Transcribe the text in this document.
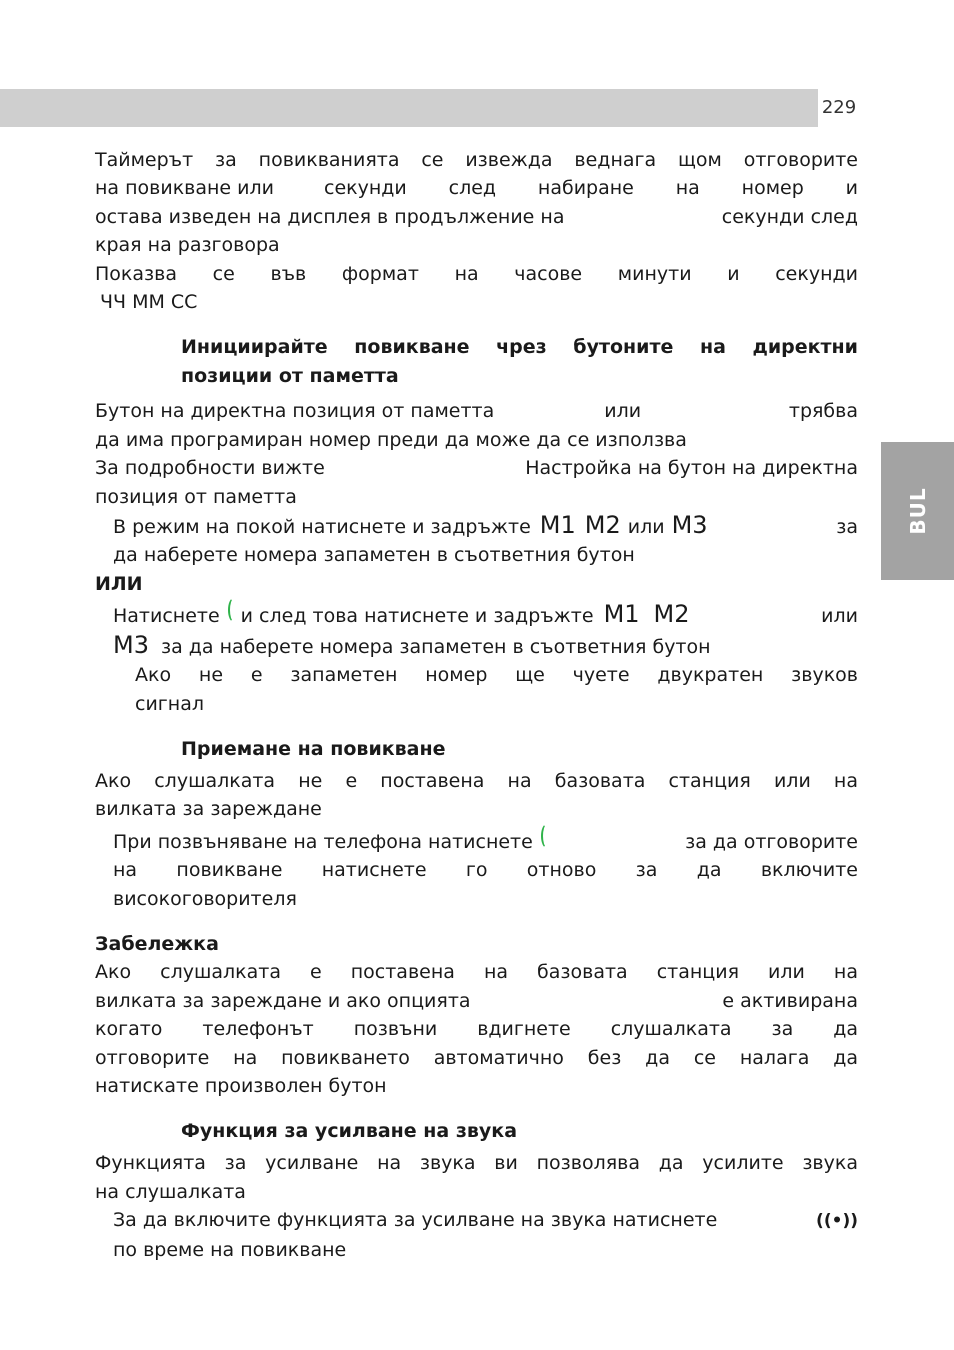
229
BUL

Таймерът за повикванията се извежда веднага щом отговорите

на повикване или	секунди след набиране на номер и

остава изведен на дисплея в продължение на	секунди след

края на разговора

Показва се във формат на часове минути и секунди

ЧЧ ММ СС

Инициирайте повикване чрез бутоните на директни

позиции от паметта

Бутон на директна позиция от паметта	или	трябва

да има програмиран номер преди да може да се използва

За подробности вижте	Настройка на бутон на директна

позиция от паметта

В режим на покой натиснете и задръжте M1 M2 или M3	за

да наберете номера запаметен в съответния бутон

ИЛИ

Натиснете и след това натиснете и задръжте M1 M2	или

M3 за да наберете номера запаметен в съответния бутон

Ако не е запаметен номер ще чуете двукратен звуков

сигнал

Приемане на повикване

Ако слушалката не е поставена на базовата станция или на

вилката за зареждане

При позвъняване на телефона натиснете	за да отговорите

на повикване натиснете го отново за да включите

високоговорителя

Забележка

Ако слушалката е поставена на базовата станция или на

вилката за зареждане и ако опцията	е активирана

когато телефонът позвъни вдигнете слушалката за да

отговорите на повикването автоматично без да се налага да

натискате произволен бутон

Функция за усилване на звука

Функцията за усилване на звука ви позволява да усилите звука

на слушалката

За да включите функцията за усилване на звука натиснете	((•))

по време на повикване
